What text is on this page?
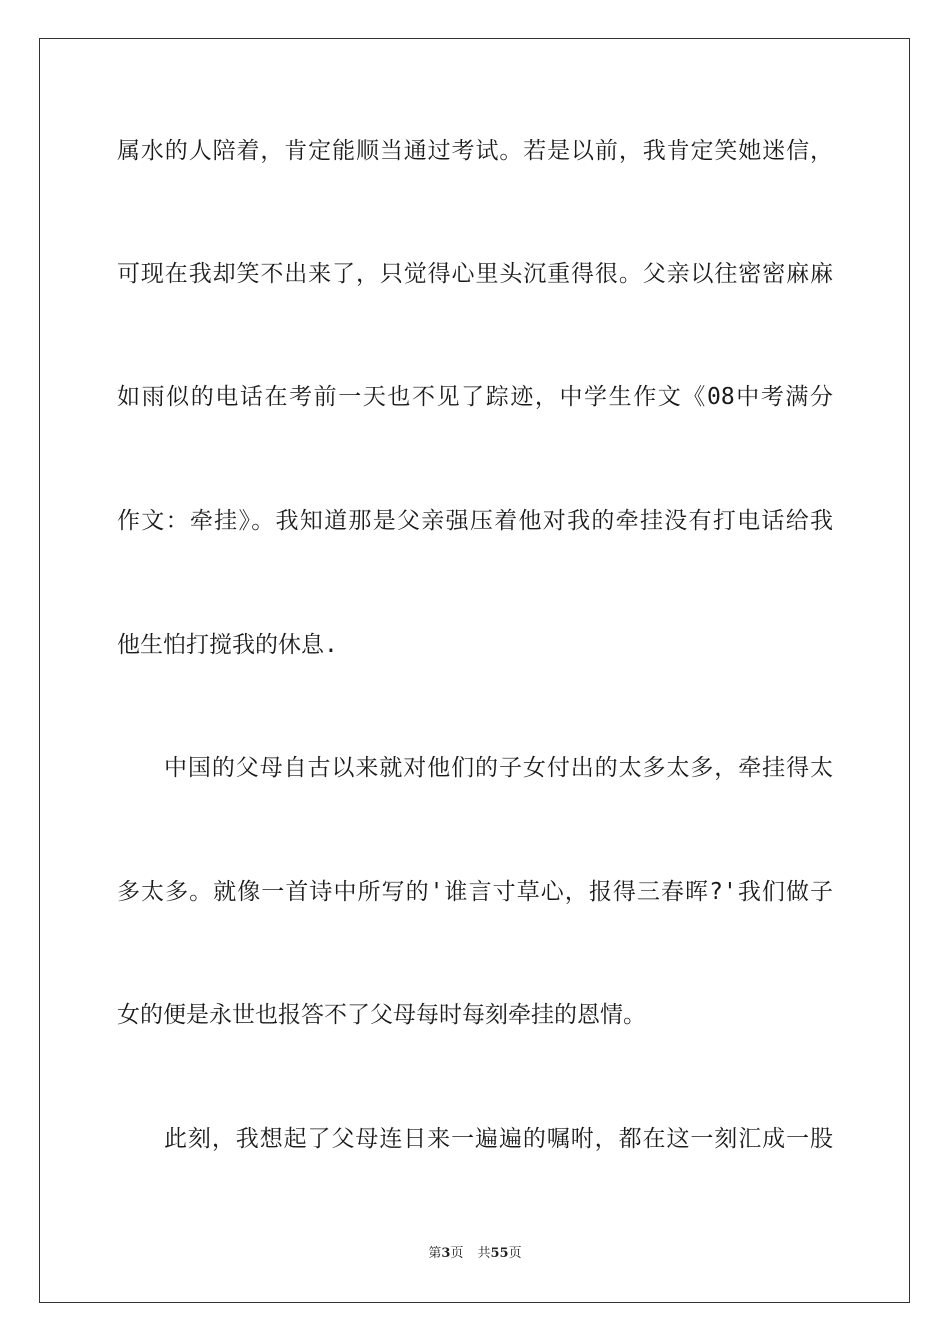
属水的人陪着，肯定能顺当通过考试。若是以前，我肯定笑她迷信，
可现在我却笑不出来了，只觉得心里头沉重得很。父亲以往密密麻麻
如雨似的电话在考前一天也不见了踪迹，中学生作文《08中考满分
作文：牵挂》。我知道那是父亲强压着他对我的牵挂没有打电话给我
他生怕打搅我的休息.
中国的父母自古以来就对他们的子女付出的太多太多，牵挂得太
多太多。就像一首诗中所写的'谁言寸草心，报得三春晖?'我们做子
女的便是永世也报答不了父母每时每刻牵挂的恩情。
此刻，我想起了父母连日来一遍遍的嘱咐，都在这一刻汇成一股
第3页 共55页
